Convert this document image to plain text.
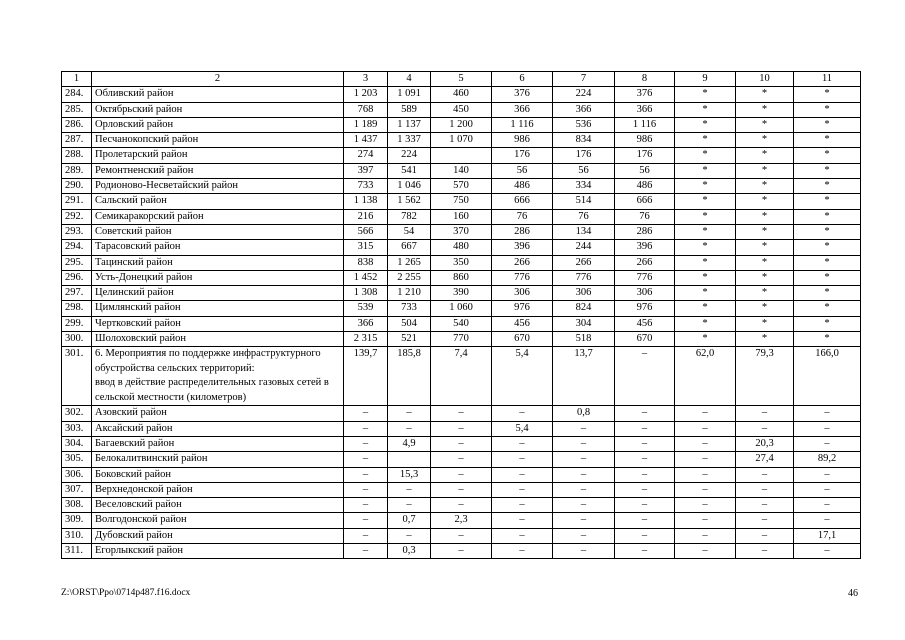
1	2	3	4	5	6	7	8	9	10	11
284.	Обливский район	1 203	1 091	460	376	224	376	*	*	*
285.	Октябрьский район	768	589	450	366	366	366	*	*	*
286.	Орловский район	1 189	1 137	1 200	1 116	536	1 116	*	*	*
287.	Песчанокопский район	1 437	1 337	1 070	986	834	986	*	*	*
288.	Пролетарский район	274	224		176	176	176	*	*	*
289.	Ремонтненский район	397	541	140	56	56	56	*	*	*
290.	Родионово-Несветайский район	733	1 046	570	486	334	486	*	*	*
291.	Сальский район	1 138	1 562	750	666	514	666	*	*	*
292.	Семикаракорский район	216	782	160	76	76	76	*	*	*
293.	Советский район	566	54	370	286	134	286	*	*	*
294.	Тарасовский район	315	667	480	396	244	396	*	*	*
295.	Тацинский район	838	1 265	350	266	266	266	*	*	*
296.	Усть-Донецкий район	1 452	2 255	860	776	776	776	*	*	*
297.	Целинский район	1 308	1 210	390	306	306	306	*	*	*
298.	Цимлянский район	539	733	1 060	976	824	976	*	*	*
299.	Чертковский район	366	504	540	456	304	456	*	*	*
300.	Шолоховский район	2 315	521	770	670	518	670	*	*	*
301.	6. Мероприятия по поддержке инфраструктурного обустройства сельских территорий:
ввод в действие распределительных газовых сетей в сельской местности (километров)	139,7	185,8	7,4	5,4	13,7	–	62,0	79,3	166,0
302.	Азовский район	–	–	–	–	0,8	–	–	–	–
303.	Аксайский район	–	–	–	5,4	–	–	–	–	–
304.	Багаевский район	–	4,9	–	–	–	–	–	20,3	–
305.	Белокалитвинский район	–		–	–	–	–	–	27,4	89,2
306.	Боковский район	–	15,3	–	–	–	–	–	–	–
307.	Верхнедонской район	–	–	–	–	–	–	–	–	–
308.	Веселовский район	–	–	–	–	–	–	–	–	–
309.	Волгодонской район	–	0,7	2,3	–	–	–	–	–	–
310.	Дубовский район	–	–	–	–	–	–	–	–	17,1
311.	Егорлыкский район	–	0,3	–	–	–	–	–	–	–
Z:\ORST\Ppo\0714p487.f16.docx	46
